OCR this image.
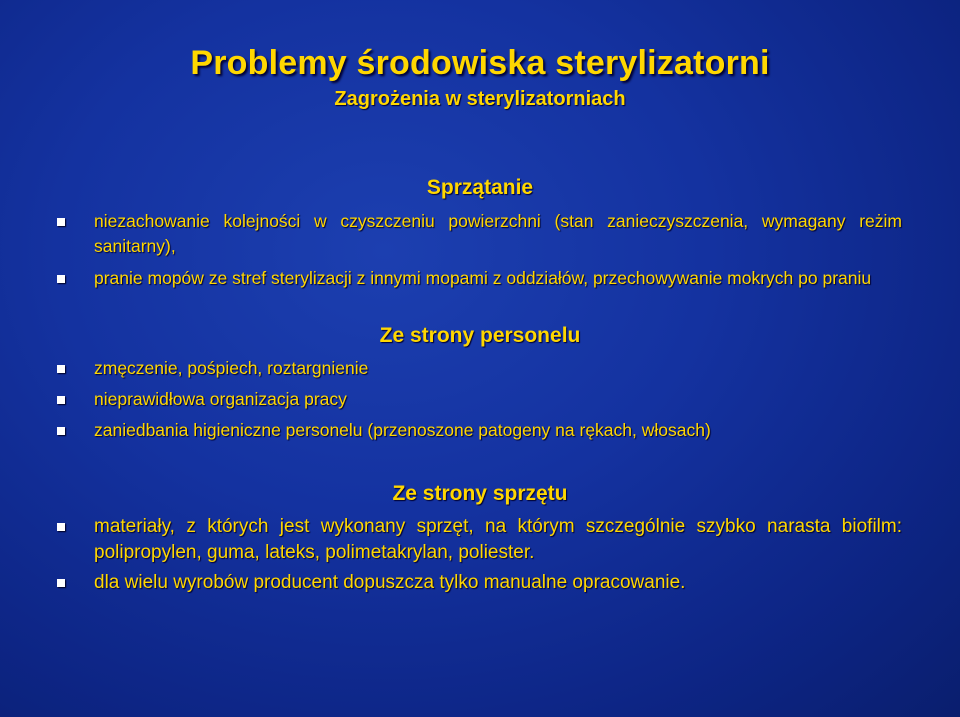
Problemy środowiska sterylizatorni
Zagrożenia w sterylizatorniach
Sprzątanie
niezachowanie kolejności w czyszczeniu powierzchni (stan zanieczyszczenia, wymagany reżim sanitarny),
pranie mopów ze stref sterylizacji z innymi mopami z oddziałów, przechowywanie mokrych po praniu
Ze strony personelu
zmęczenie, pośpiech, roztargnienie
nieprawidłowa organizacja pracy
zaniedbania higieniczne personelu (przenoszone patogeny na rękach, włosach)
Ze strony sprzętu
materiały, z których jest wykonany sprzęt, na którym szczególnie szybko narasta biofilm: polipropylen, guma, lateks, polimetakrylan, poliester.
dla wielu wyrobów producent dopuszcza tylko manualne opracowanie.
